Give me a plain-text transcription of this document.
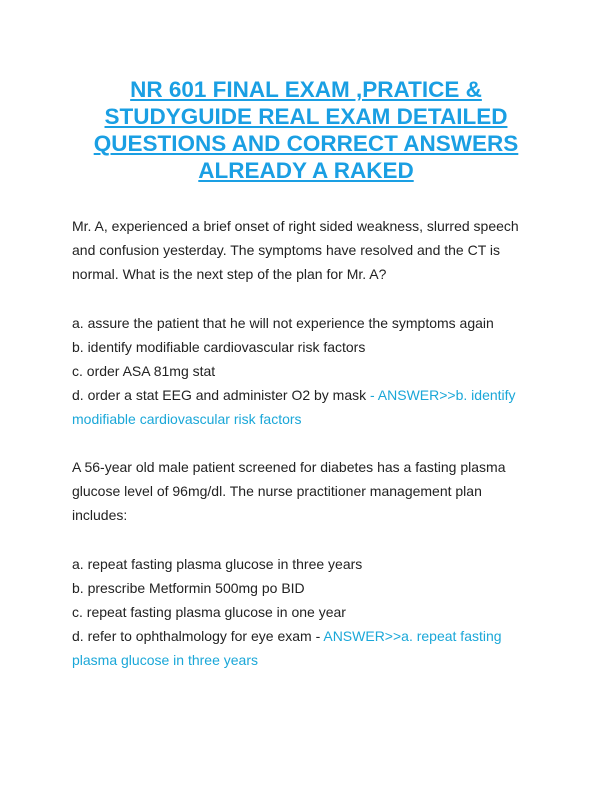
NR 601 FINAL EXAM ,PRATICE & STUDYGUIDE REAL EXAM DETAILED QUESTIONS AND CORRECT ANSWERS ALREADY A RAKED
Mr. A, experienced a brief onset of right sided weakness, slurred speech
and confusion yesterday. The symptoms have resolved and the CT is
normal. What is the next step of the plan for Mr. A?
a. assure the patient that he will not experience the symptoms again
b. identify modifiable cardiovascular risk factors
c. order ASA 81mg stat
d. order a stat EEG and administer O2 by mask - ANSWER>>b. identify
modifiable cardiovascular risk factors
A 56-year old male patient screened for diabetes has a fasting plasma
glucose level of 96mg/dl. The nurse practitioner management plan
includes:
a. repeat fasting plasma glucose in three years
b. prescribe Metformin 500mg po BID
c. repeat fasting plasma glucose in one year
d. refer to ophthalmology for eye exam - ANSWER>>a. repeat fasting
plasma glucose in three years
